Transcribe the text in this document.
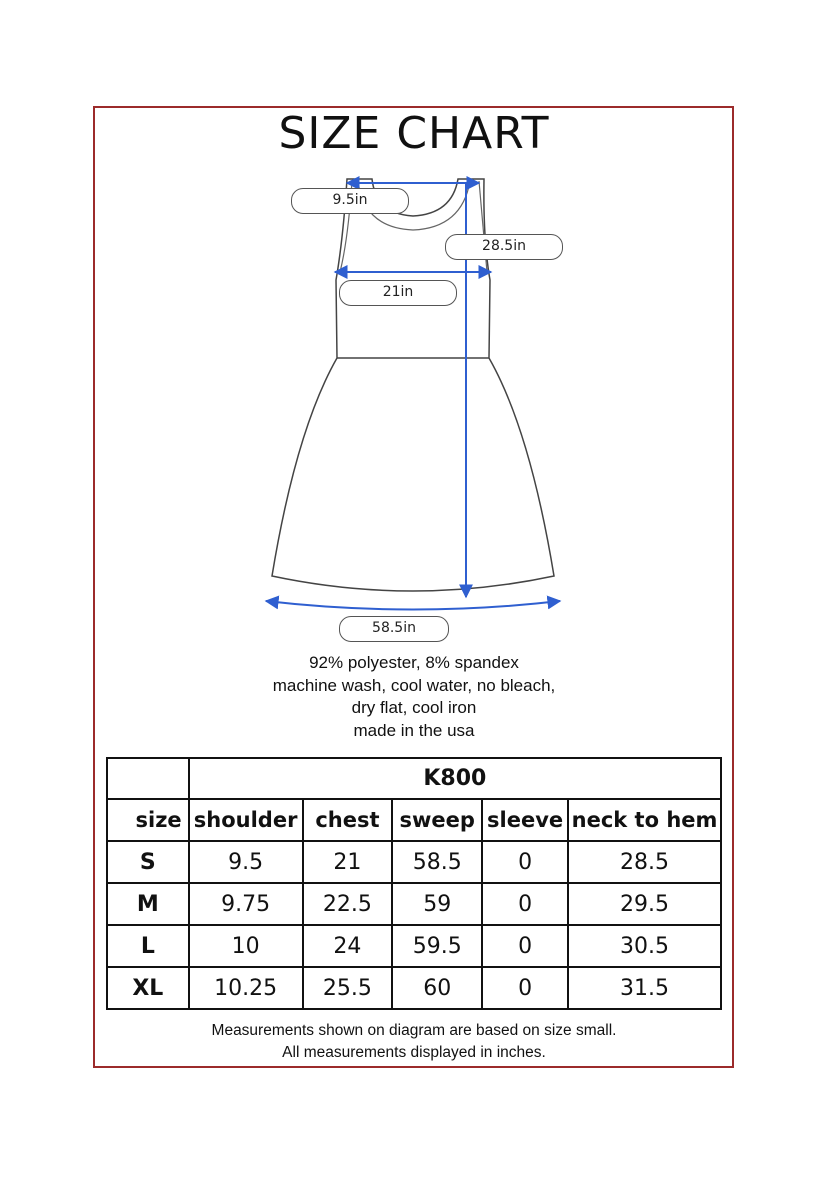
SIZE CHART
9.5in
28.5in
21in
58.5in
92% polyester, 8% spandex
machine wash, cool water, no bleach,
dry flat, cool iron
made in the usa
	K800				
size	shoulder	chest	sweep	sleeve	neck to hem
S	9.5	21	58.5	0	28.5
M	9.75	22.5	59	0	29.5
L	10	24	59.5	0	30.5
XL	10.25	25.5	60	0	31.5
Measurements shown on diagram are based on size small.
All measurements displayed in inches.
